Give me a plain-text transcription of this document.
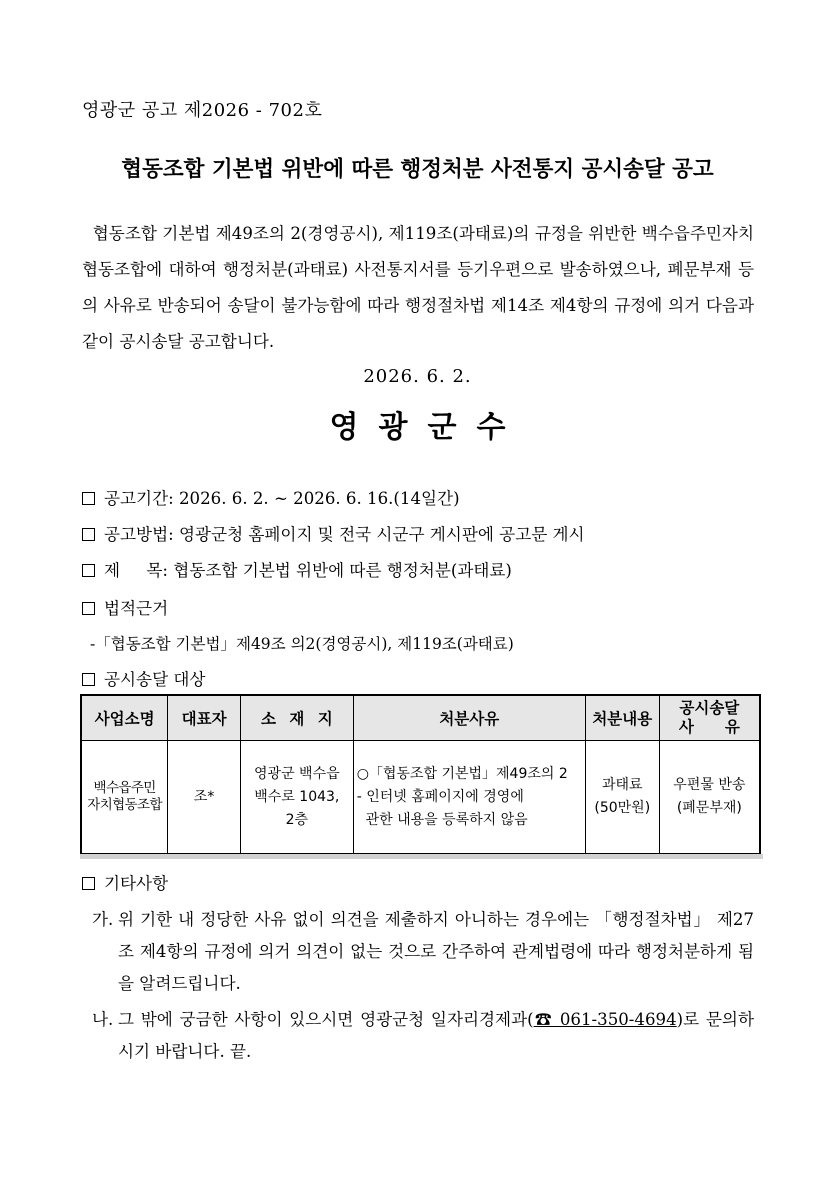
영광군 공고 제2026 - 702호
협동조합 기본법 위반에 따른 행정처분 사전통지 공시송달 공고

협동조합 기본법 제49조의 2(경영공시), 제119조(과태료)의 규정을 위반한 백수읍주민자치협동조합에 대하여 행정처분(과태료) 사전통지서를 등기우편으로 발송하였으나, 폐문부재 등의 사유로 반송되어 송달이 불가능함에 따라 행정절차법 제14조 제4항의 규정에 의거 다음과 같이 공시송달 공고합니다.

2026. 6. 2.
영광군수
공고기간: 2026. 6. 2. ~ 2026. 6. 16.(14일간)
공고방법: 영광군청 홈페이지 및 전국 시군구 게시판에 공고문 게시
제     목: 협동조합 기본법 위반에 따른 행정처분(과태료)
법적근거
-「협동조합 기본법」제49조 의2(경영공시), 제119조(과태료)
공시송달 대상
사업소명	대표자	소 재 지	처분사유	처분내용	공시송달
사　　유
백수읍주민
자치협동조합	조*	영광군 백수읍
백수로 1043,
2층	○「협동조합 기본법」제49조의 2
- 인터넷 홈페이지에 경영에
관한 내용을 등록하지 않음	과태료
(50만원)	우편물 반송
(폐문부재)
기타사항
가. 위 기한 내 정당한 사유 없이 의견을 제출하지 아니하는 경우에는 「행정절차법」 제27조 제4항의 규정에 의거 의견이 없는 것으로 간주하여 관계법령에 따라 행정처분하게 됨을 알려드립니다.
나. 그 밖에 궁금한 사항이 있으시면 영광군청 일자리경제과(☎ 061-350-4694)로 문의하시기 바랍니다. 끝.
